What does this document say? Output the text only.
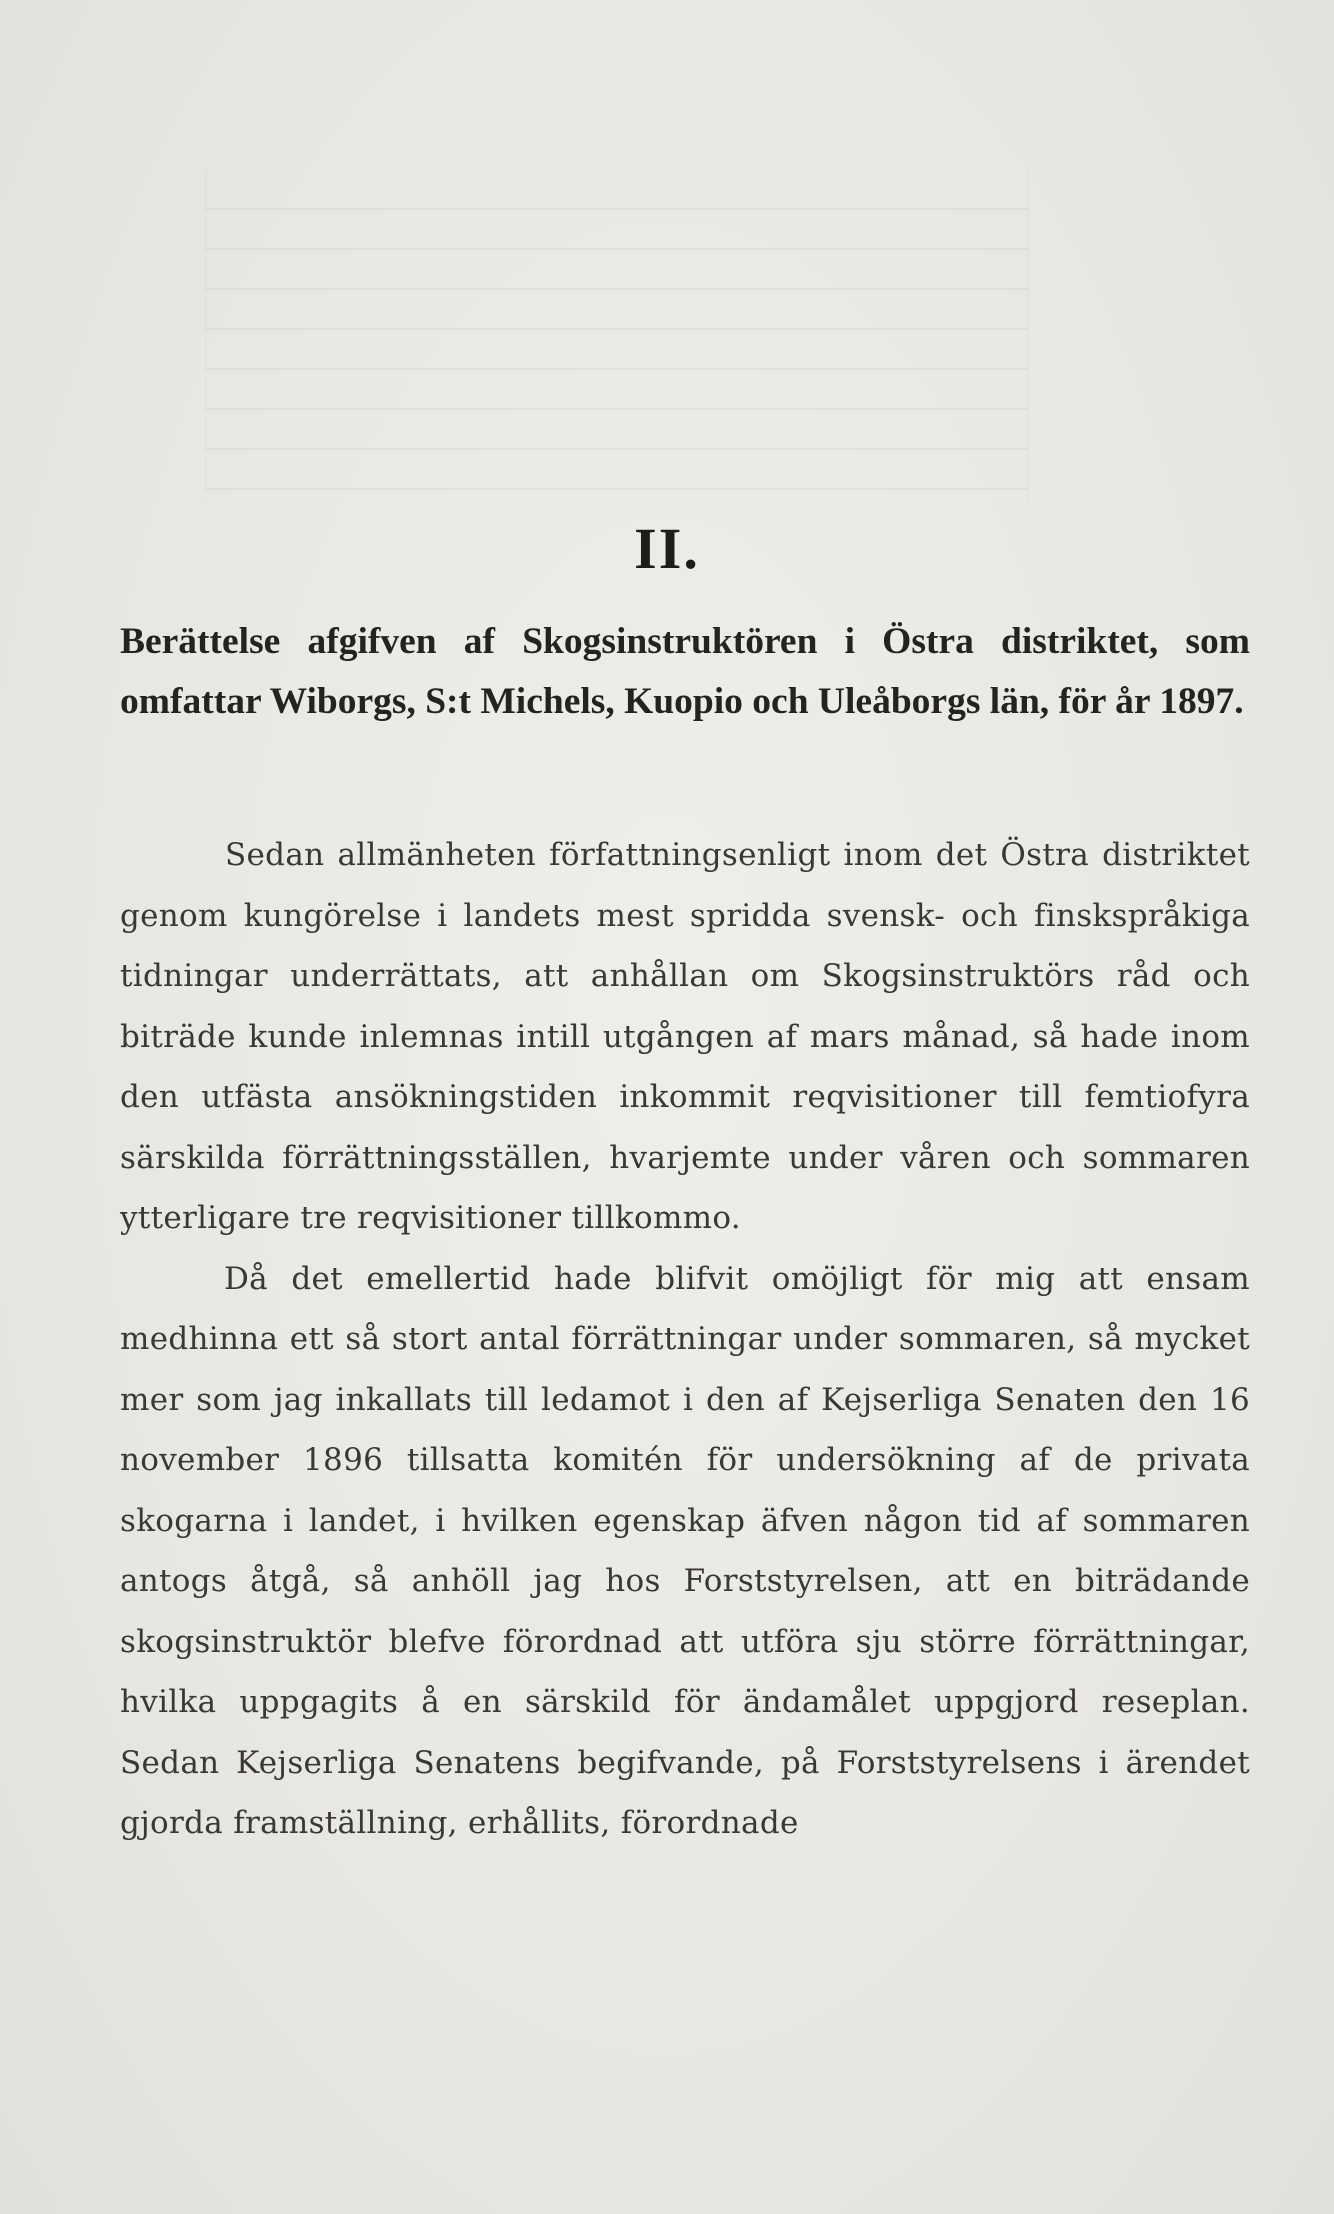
II.
Berättelse afgifven af Skogsinstruktören i Östra distriktet, som omfattar Wiborgs, S:t Michels, Kuopio och Uleåborgs län, för år 1897.

Sedan allmänheten författningsenligt inom det Östra distriktet genom kungörelse i landets mest spridda svensk- och finskspråkiga tidningar underrättats, att anhållan om Skogsinstruktörs råd och biträde kunde inlemnas intill utgången af mars månad, så hade inom den utfästa ansökningstiden inkommit reqvisitioner till femtiofyra särskilda förrättningsställen, hvarjemte under våren och sommaren ytterligare tre reqvisitioner tillkommo.

Då det emellertid hade blifvit omöjligt för mig att ensam medhinna ett så stort antal förrättningar under sommaren, så mycket mer som jag inkallats till ledamot i den af Kejserliga Senaten den 16 november 1896 tillsatta komitén för undersökning af de privata skogarna i landet, i hvilken egenskap äfven någon tid af sommaren antogs åtgå, så anhöll jag hos Forststyrelsen, att en biträdande skogsinstruktör blefve förordnad att utföra sju större förrättningar, hvilka uppgagits å en särskild för ändamålet uppgjord reseplan. Sedan Kejserliga Senatens begifvande, på Forststyrelsens i ärendet gjorda framställning, erhållits, förordnade
